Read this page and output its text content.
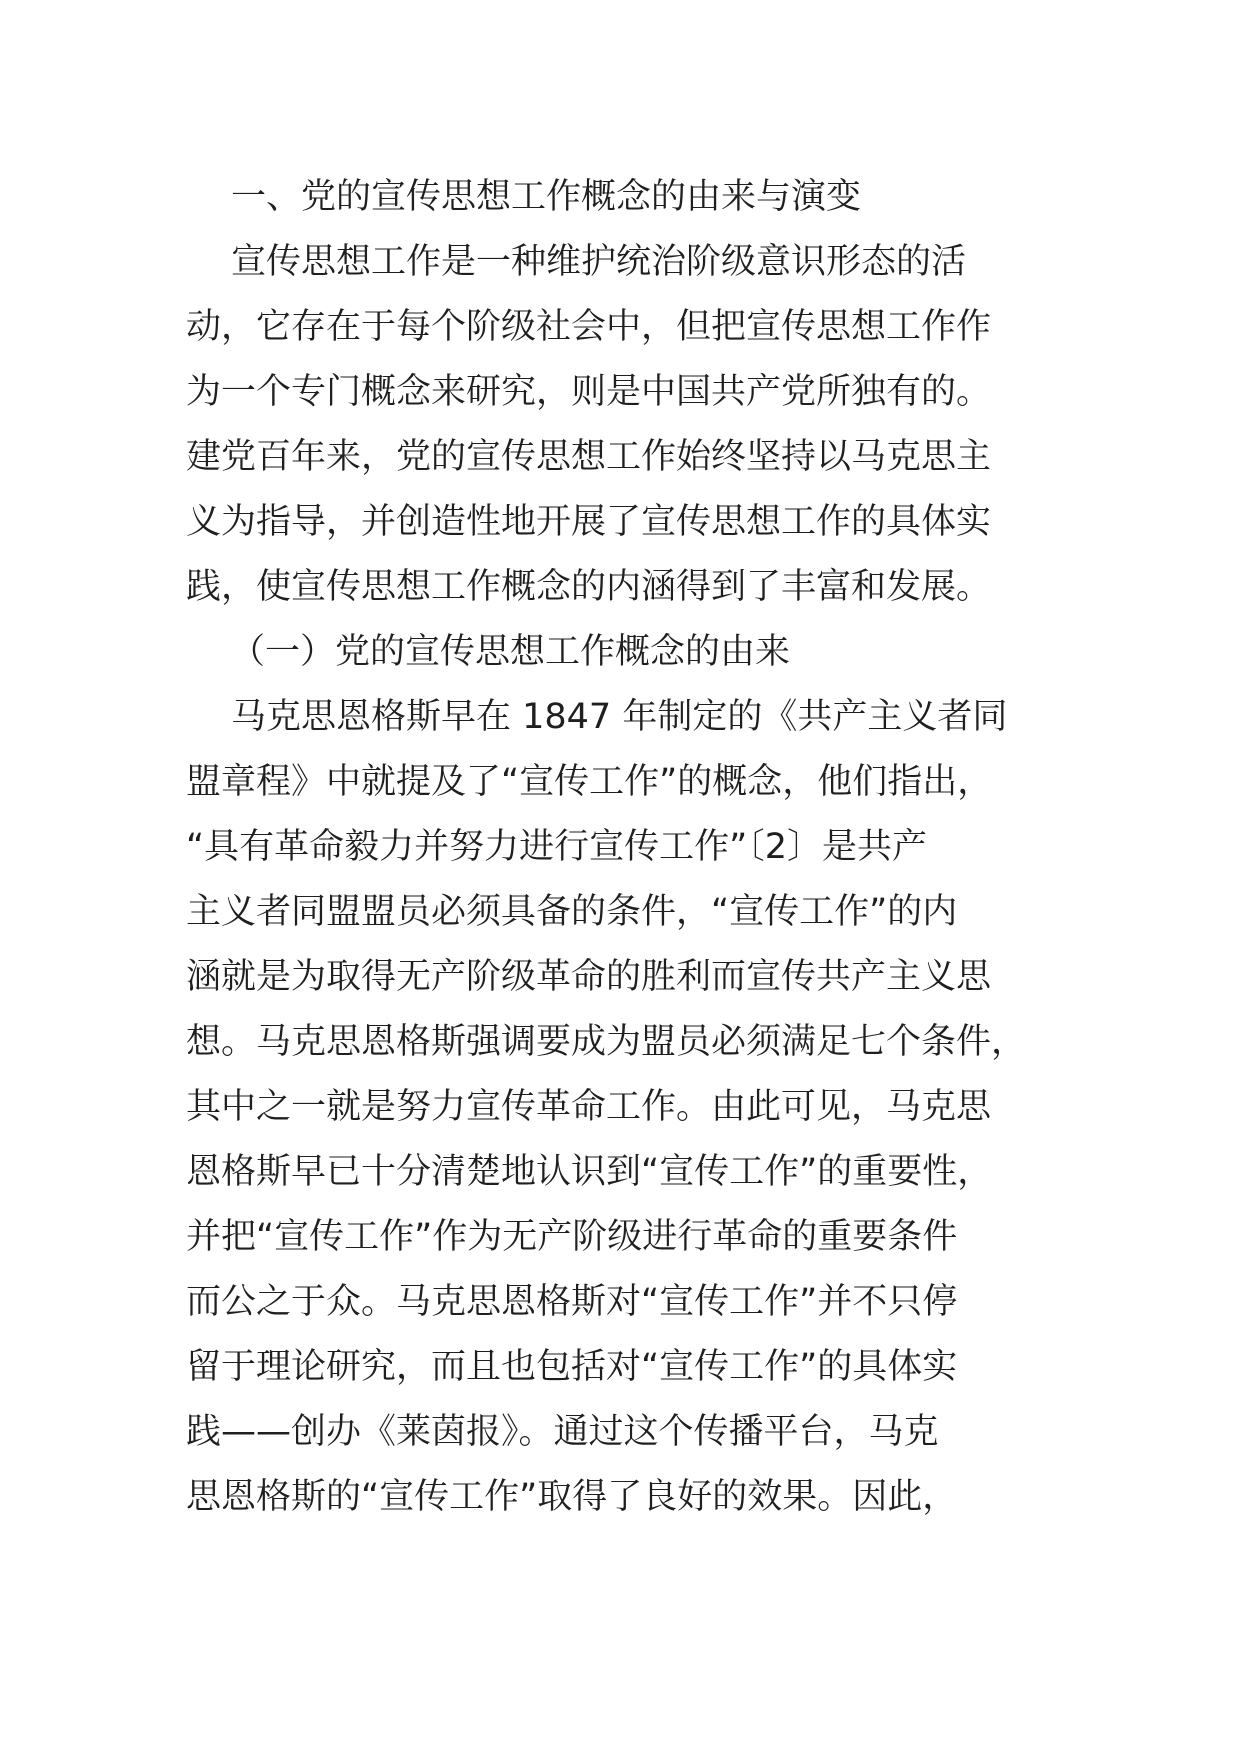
一、党的宣传思想工作概念的由来与演变
宣传思想工作是一种维护统治阶级意识形态的活
动，它存在于每个阶级社会中，但把宣传思想工作作
为一个专门概念来研究，则是中国共产党所独有的。
建党百年来，党的宣传思想工作始终坚持以马克思主
义为指导，并创造性地开展了宣传思想工作的具体实
践，使宣传思想工作概念的内涵得到了丰富和发展。
（一）党的宣传思想工作概念的由来
马克思恩格斯早在 1847 年制定的《共产主义者同
盟章程》中就提及了“宣传工作”的概念，他们指出，
“具有革命毅力并努力进行宣传工作”〔2〕是共产
主义者同盟盟员必须具备的条件，“宣传工作”的内
涵就是为取得无产阶级革命的胜利而宣传共产主义思
想。马克思恩格斯强调要成为盟员必须满足七个条件，
其中之一就是努力宣传革命工作。由此可见，马克思
恩格斯早已十分清楚地认识到“宣传工作”的重要性，
并把“宣传工作”作为无产阶级进行革命的重要条件
而公之于众。马克思恩格斯对“宣传工作”并不只停
留于理论研究，而且也包括对“宣传工作”的具体实
践——创办《莱茵报》。通过这个传播平台，马克
思恩格斯的“宣传工作”取得了良好的效果。因此，
